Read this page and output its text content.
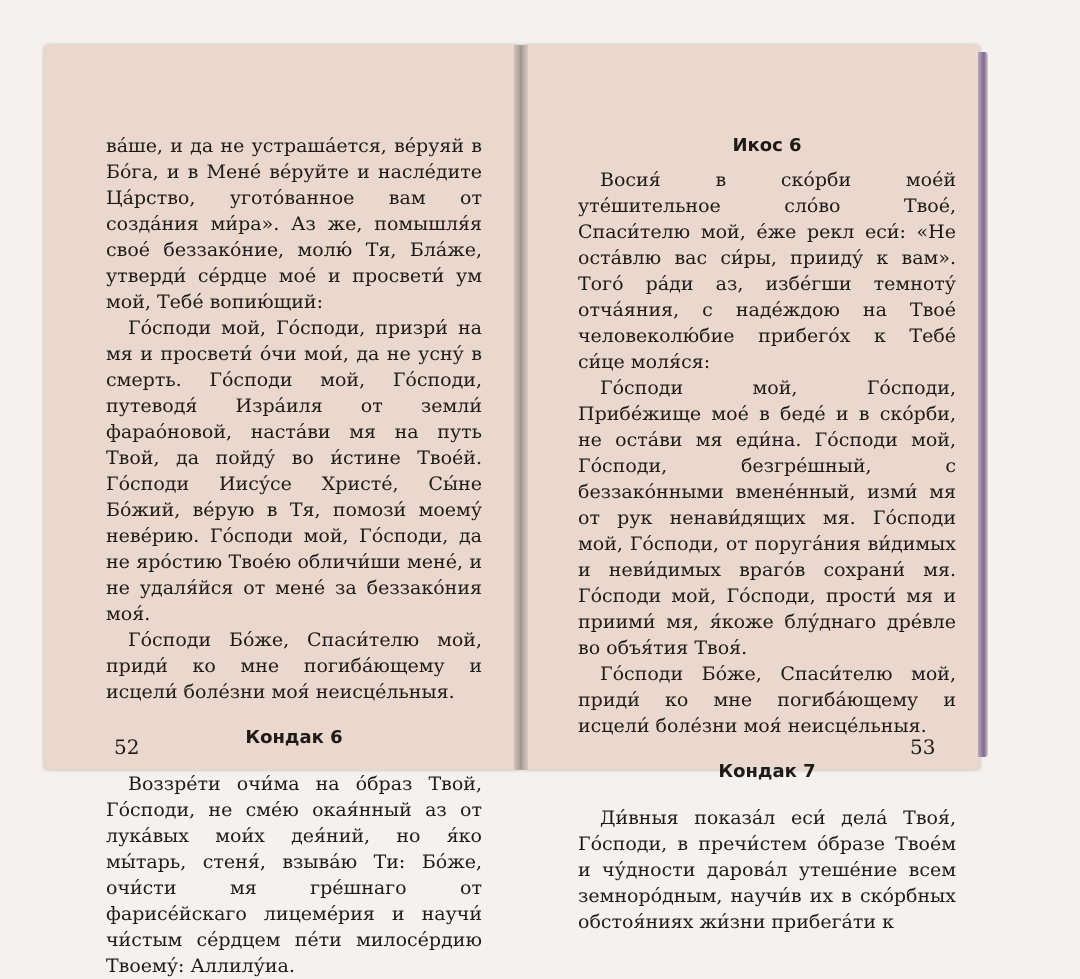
ва́ше, и да не устраша́ется, ве́руяй в Бо́га, и в Мене́ ве́руйте и насле́дите Ца́рство, угото́ванное вам от созда́ния ми́ра». Аз же, помышля́я свое́ беззако́ние, молю́ Тя, Бла́же, утверди́ се́рдце мое́ и просвети́ ум мой, Тебе́ вопию́щий:

Го́споди мой, Го́споди, призри́ на мя и просвети́ о́чи мои́, да не усну́ в смерть. Го́споди мой, Го́споди, путеводя́ Изра́иля от земли́ фарао́новой, наста́ви мя на путь Твой, да пойду́ во и́стине Твое́й. Го́споди Иису́се Христе́, Сы́не Бо́жий, ве́рую в Тя, помози́ моему́ неве́рию. Го́споди мой, Го́споди, да не яро́стию Твое́ю обличи́ши мене́, и не удаля́йся от мене́ за беззако́ния моя́.

Го́споди Бо́же, Спаси́телю мой, приди́ ко мне погиба́ющему и исцели́ боле́зни моя́ неисце́льныя.

Кондак 6

Воззре́ти очи́ма на о́браз Твой, Го́споди, не сме́ю окая́нный аз от лука́вых мои́х дея́ний, но я́ко мы́тарь, стеня́, взыва́ю Ти: Бо́же, очи́сти мя гре́шнаго от фарисе́йскаго лицеме́рия и научи́ чи́стым се́рдцем пе́ти милосе́рдию Твоему́: Аллилу́иа.

52
Икос 6

Восия́ в ско́рби мое́й уте́шительное сло́во Твое́, Спаси́телю мой, е́же рекл еси́: «Не оста́влю вас си́ры, прииду́ к вам». Того́ ра́ди аз, избе́гши темноту́ отча́яния, с наде́ждою на Твое́ человеколю́бие прибего́х к Тебе́ си́це моля́ся:

Го́споди мой, Го́споди, Прибе́жище мое́ в беде́ и в ско́рби, не оста́ви мя еди́на. Го́споди мой, Го́споди, безгре́шный, с беззако́нными вмене́нный, изми́ мя от рук ненави́дящих мя. Го́споди мой, Го́споди, от поруга́ния ви́димых и неви́димых враго́в сохрани́ мя. Го́споди мой, Го́споди, прости́ мя и приими́ мя, я́коже блу́днаго дре́вле во объя́тия Твоя́.

Го́споди Бо́же, Спаси́телю мой, приди́ ко мне погиба́ющему и исцели́ боле́зни моя́ неисце́льныя.

Кондак 7

Ди́вныя показа́л еси́ дела́ Твоя́, Го́споди, в пречи́стем о́бразе Твое́м и чу́дности дарова́л утеше́ние всем земноро́дным, научи́в их в ско́рбных обстоя́ниях жи́зни прибега́ти к

53
